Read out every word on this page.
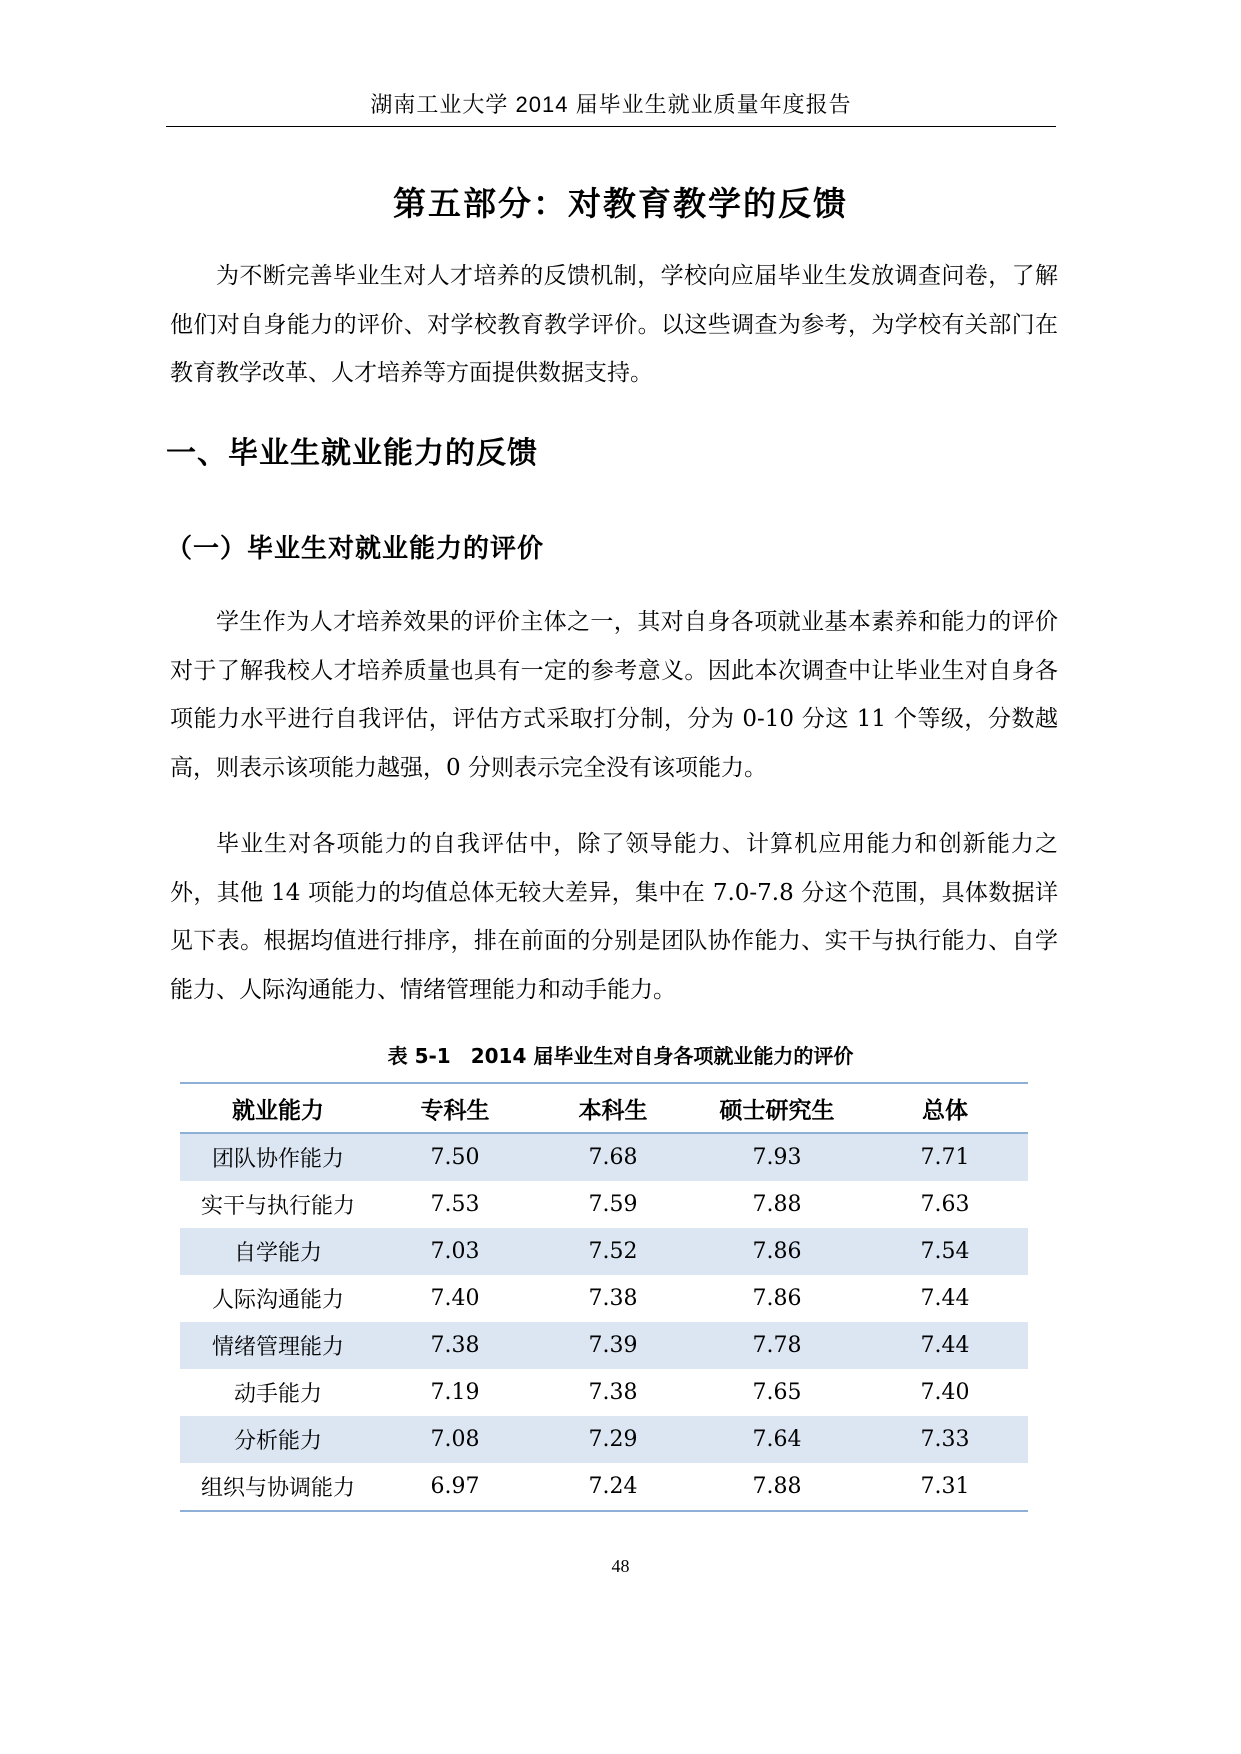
湖南工业大学 2014 届毕业生就业质量年度报告
第五部分：对教育教学的反馈

为不断完善毕业生对人才培养的反馈机制，学校向应届毕业生发放调查问卷，了解他们对自身能力的评价、对学校教育教学评价。以这些调查为参考，为学校有关部门在教育教学改革、人才培养等方面提供数据支持。

一、毕业生就业能力的反馈
（一）毕业生对就业能力的评价

学生作为人才培养效果的评价主体之一，其对自身各项就业基本素养和能力的评价对于了解我校人才培养质量也具有一定的参考意义。因此本次调查中让毕业生对自身各项能力水平进行自我评估，评估方式采取打分制，分为 0-10 分这 11 个等级，分数越高，则表示该项能力越强，0 分则表示完全没有该项能力。

毕业生对各项能力的自我评估中，除了领导能力、计算机应用能力和创新能力之外，其他 14 项能力的均值总体无较大差异，集中在 7.0-7.8 分这个范围，具体数据详见下表。根据均值进行排序，排在前面的分别是团队协作能力、实干与执行能力、自学能力、人际沟通能力、情绪管理能力和动手能力。

表 5-1　2014 届毕业生对自身各项就业能力的评价
就业能力	专科生	本科生	硕士研究生	总体
团队协作能力	7.50	7.68	7.93	7.71
实干与执行能力	7.53	7.59	7.88	7.63
自学能力	7.03	7.52	7.86	7.54
人际沟通能力	7.40	7.38	7.86	7.44
情绪管理能力	7.38	7.39	7.78	7.44
动手能力	7.19	7.38	7.65	7.40
分析能力	7.08	7.29	7.64	7.33
组织与协调能力	6.97	7.24	7.88	7.31
48
